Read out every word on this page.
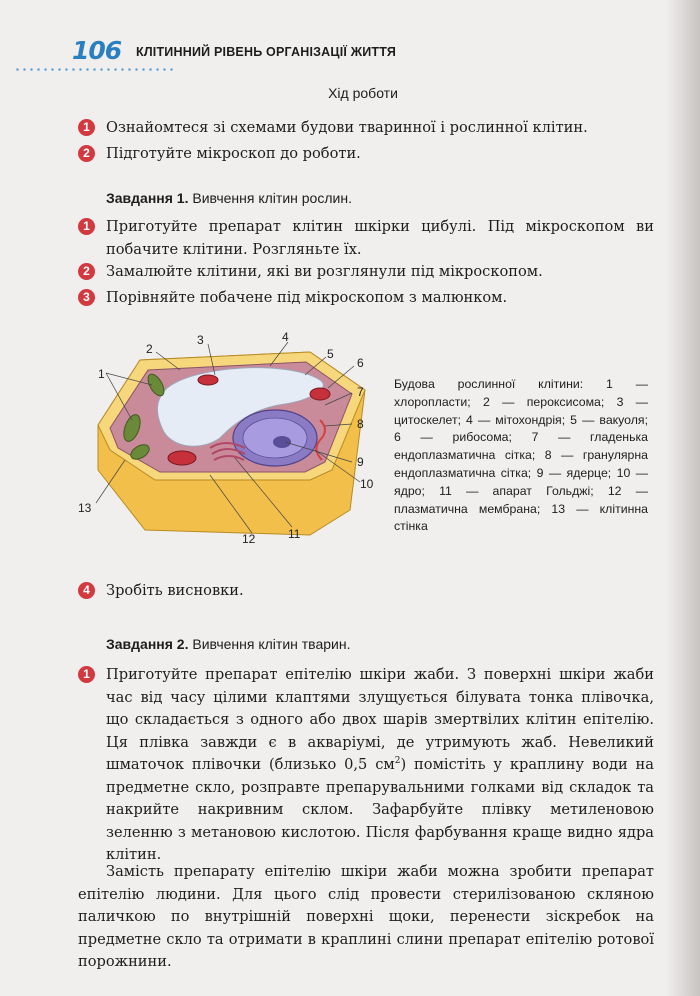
106 КЛІТИННИЙ РІВЕНЬ ОРГАНІЗАЦІЇ ЖИТТЯ
Хід роботи
1	Ознайомтеся зі схемами будови тваринної і рослинної клітин.
2	Підготуйте мікроскоп до роботи.
Завдання 1. Вивчення клітин рослин.
1	Приготуйте препарат клітин шкірки цибулі. Під мікроскопом ви побачите клітини. Розгляньте їх.
2	Замалюйте клітини, які ви розглянули під мікроскопом.
3	Порівняйте побачене під мікроскопом з малюнком.
1
2
3	4
5
6
7
8
9
10
11
12
13
Будова рослинної клітини: 1 — хлоропласти; 2 — пероксисома; 3 — цитоскелет; 4 — мітохондрія; 5 — вакуоля; 6 — рибосома; 7 — гладенька ендоплазматична сітка; 8 — гранулярна ендоплазматична сітка; 9 — ядерце; 10 — ядро; 11 — апарат Гольджі; 12 — плазматична мембрана; 13 — клітинна стінка
4	Зробіть висновки.
Завдання 2. Вивчення клітин тварин.
1	Приготуйте препарат епітелію шкіри жаби. З поверхні шкіри жаби час від часу цілими клаптями злущується білувата тонка плівочка, що складається з одного або двох шарів змертвілих клітин епітелію. Ця плівка завжди є в акваріумі, де утримують жаб. Невеликий шматочок плівочки (близько 0,5 $см^2$) помістіть у краплину води на предметне скло, розправте препарувальними голками від складок та накрийте накривним склом. Зафарбуйте плівку метиленовою зеленню з метановою кислотою. Після фарбування краще видно ядра клітин.
Замість препарату епітелію шкіри жаби можна зробити препарат епітелію людини. Для цього слід провести стерилізованою скляною паличкою по внутрішній поверхні щоки, перенести зіскребок на предметне скло та отримати в краплині слини препарат епітелію ротової порожнини.
